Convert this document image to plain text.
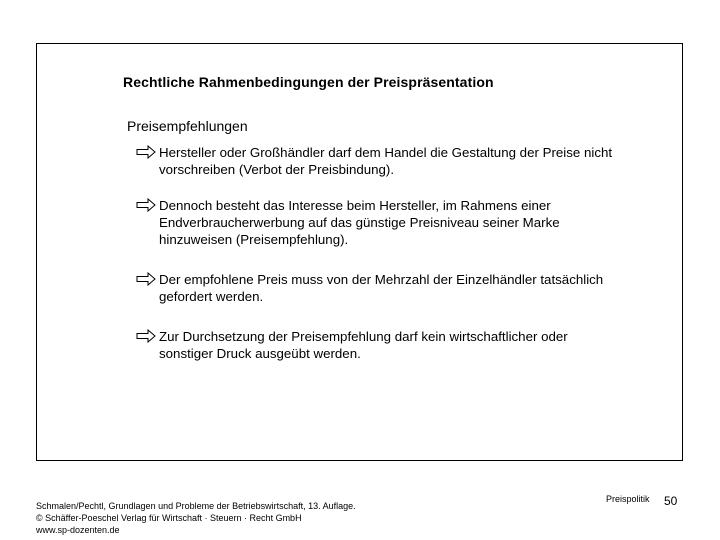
Rechtliche Rahmenbedingungen der Preispräsentation
Preisempfehlungen
Hersteller oder Großhändler darf dem Handel die Gestaltung der Preise nicht vorschreiben (Verbot der Preisbindung).
Dennoch besteht das Interesse beim Hersteller, im Rahmens einer Endverbraucherwerbung auf das günstige Preisniveau seiner Marke hinzuweisen (Preisempfehlung).
Der empfohlene Preis muss von der Mehrzahl der Einzelhändler tatsächlich gefordert werden.
Zur Durchsetzung der Preisempfehlung darf kein wirtschaftlicher oder sonstiger Druck ausgeübt werden.
Schmalen/Pechtl, Grundlagen und Probleme der Betriebswirtschaft, 13. Auflage.
© Schäffer-Poeschel Verlag für Wirtschaft · Steuern · Recht GmbH
www.sp-dozenten.de
Preispolitik 50
